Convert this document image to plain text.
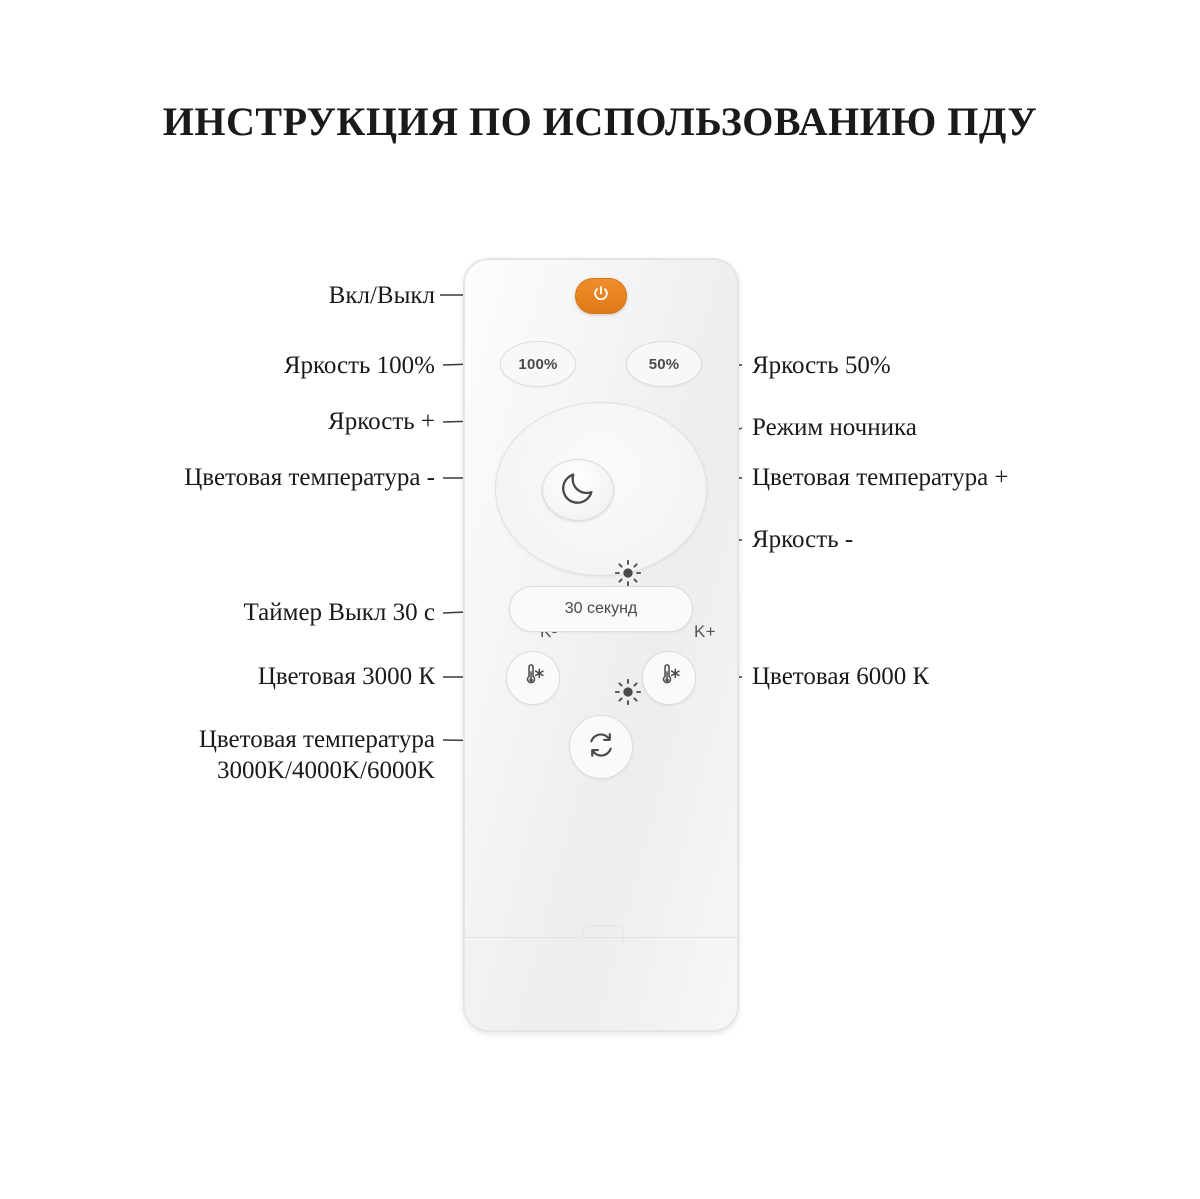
ИНСТРУКЦИЯ ПО ИСПОЛЬЗОВАНИЮ ПДУ
Вкл/Выкл
Яркость 100%
Яркость +
Цветовая температура -
Таймер Выкл 30 с
Цветовая 3000 К
Цветовая температура
3000K/4000K/6000K
Яркость 50%
Режим ночника
Цветовая температура +
Яркость -
Цветовая 6000 К
100%	50%
K+
30 секунд
